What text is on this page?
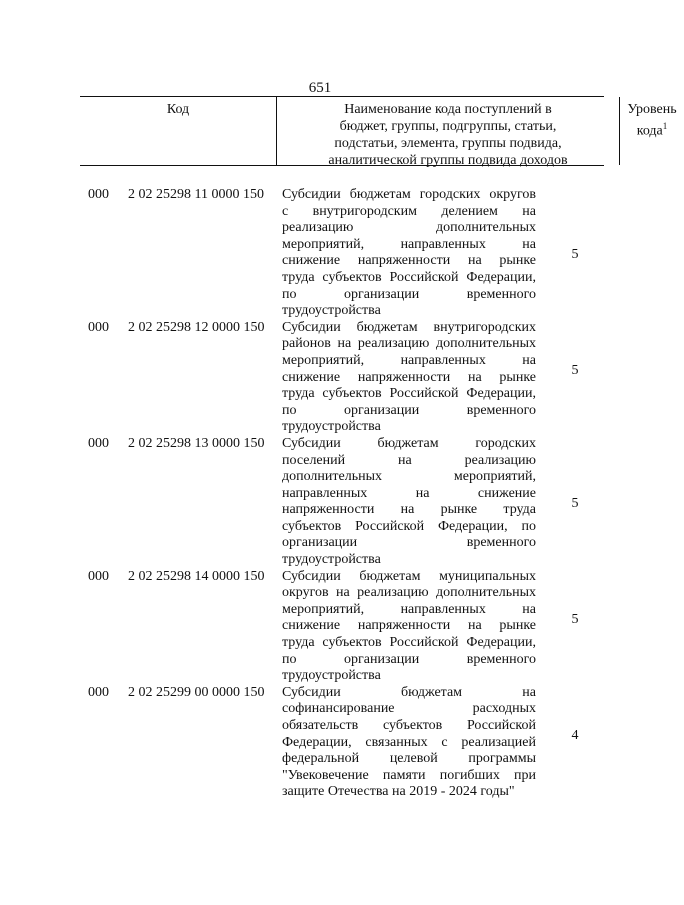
651
Код	Наименование кода поступлений в
бюджет, группы, подгруппы, статьи,
подстатьи, элемента, группы подвида,
аналитической группы подвида доходов
Уровень
кода$^1$
000 2 02 25298 11 0000 150 Субсидии бюджетам городских округов
с внутригородским делением на
реализацию дополнительных
мероприятий, направленных на
снижение напряженности на рынке
труда субъектов Российской Федерации,
по организации временного
трудоустройства
5
000 2 02 25298 12 0000 150 Субсидии бюджетам внутригородских
районов на реализацию дополнительных
мероприятий, направленных на
снижение напряженности на рынке
труда субъектов Российской Федерации,
по организации временного
трудоустройства
5
000 2 02 25298 13 0000 150 Субсидии бюджетам городских
поселений на реализацию
дополнительных мероприятий,
направленных на снижение
напряженности на рынке труда
субъектов Российской Федерации, по
организации временного
трудоустройства
5
000 2 02 25298 14 0000 150 Субсидии бюджетам муниципальных
округов на реализацию дополнительных
мероприятий, направленных на
снижение напряженности на рынке
труда субъектов Российской Федерации,
по организации временного
трудоустройства
5
000 2 02 25299 00 0000 150 Субсидии бюджетам на
софинансирование расходных
обязательств субъектов Российской
Федерации, связанных с реализацией
федеральной целевой программы
"Увековечение памяти погибших при
защите Отечества на 2019 - 2024 годы"
4
